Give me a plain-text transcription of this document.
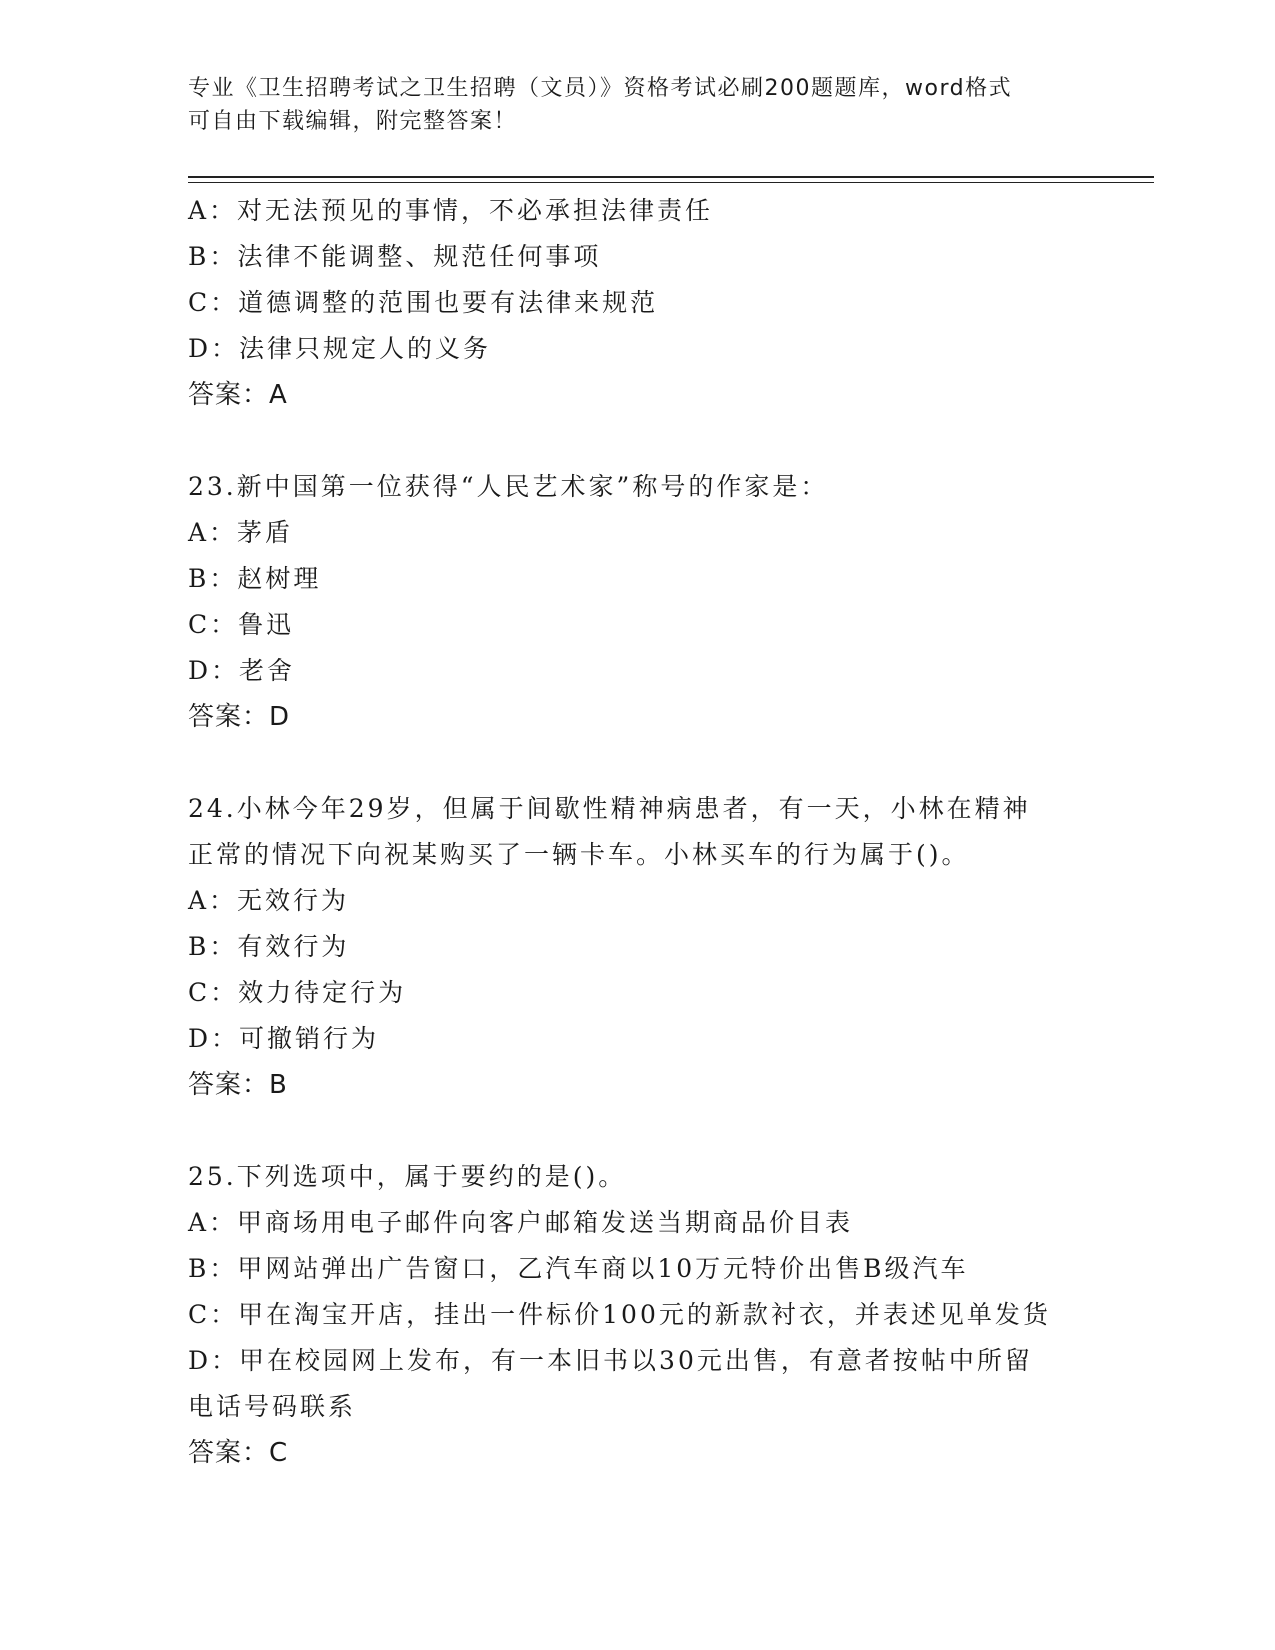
专业《卫生招聘考试之卫生招聘（文员）》资格考试必刷200题题库，word格式
可自由下载编辑，附完整答案！
A：对无法预见的事情，不必承担法律责任
B：法律不能调整、规范任何事项
C：道德调整的范围也要有法律来规范
D：法律只规定人的义务
答案：A
23.新中国第一位获得“人民艺术家”称号的作家是：
A：茅盾
B：赵树理
C：鲁迅
D：老舍
答案：D
24.小林今年29岁，但属于间歇性精神病患者，有一天，小林在精神
正常的情况下向祝某购买了一辆卡车。小林买车的行为属于()。
A：无效行为
B：有效行为
C：效力待定行为
D：可撤销行为
答案：B
25.下列选项中，属于要约的是()。
A：甲商场用电子邮件向客户邮箱发送当期商品价目表
B：甲网站弹出广告窗口，乙汽车商以10万元特价出售B级汽车
C：甲在淘宝开店，挂出一件标价100元的新款衬衣，并表述见单发货
D：甲在校园网上发布，有一本旧书以30元出售，有意者按帖中所留
电话号码联系
答案：C
